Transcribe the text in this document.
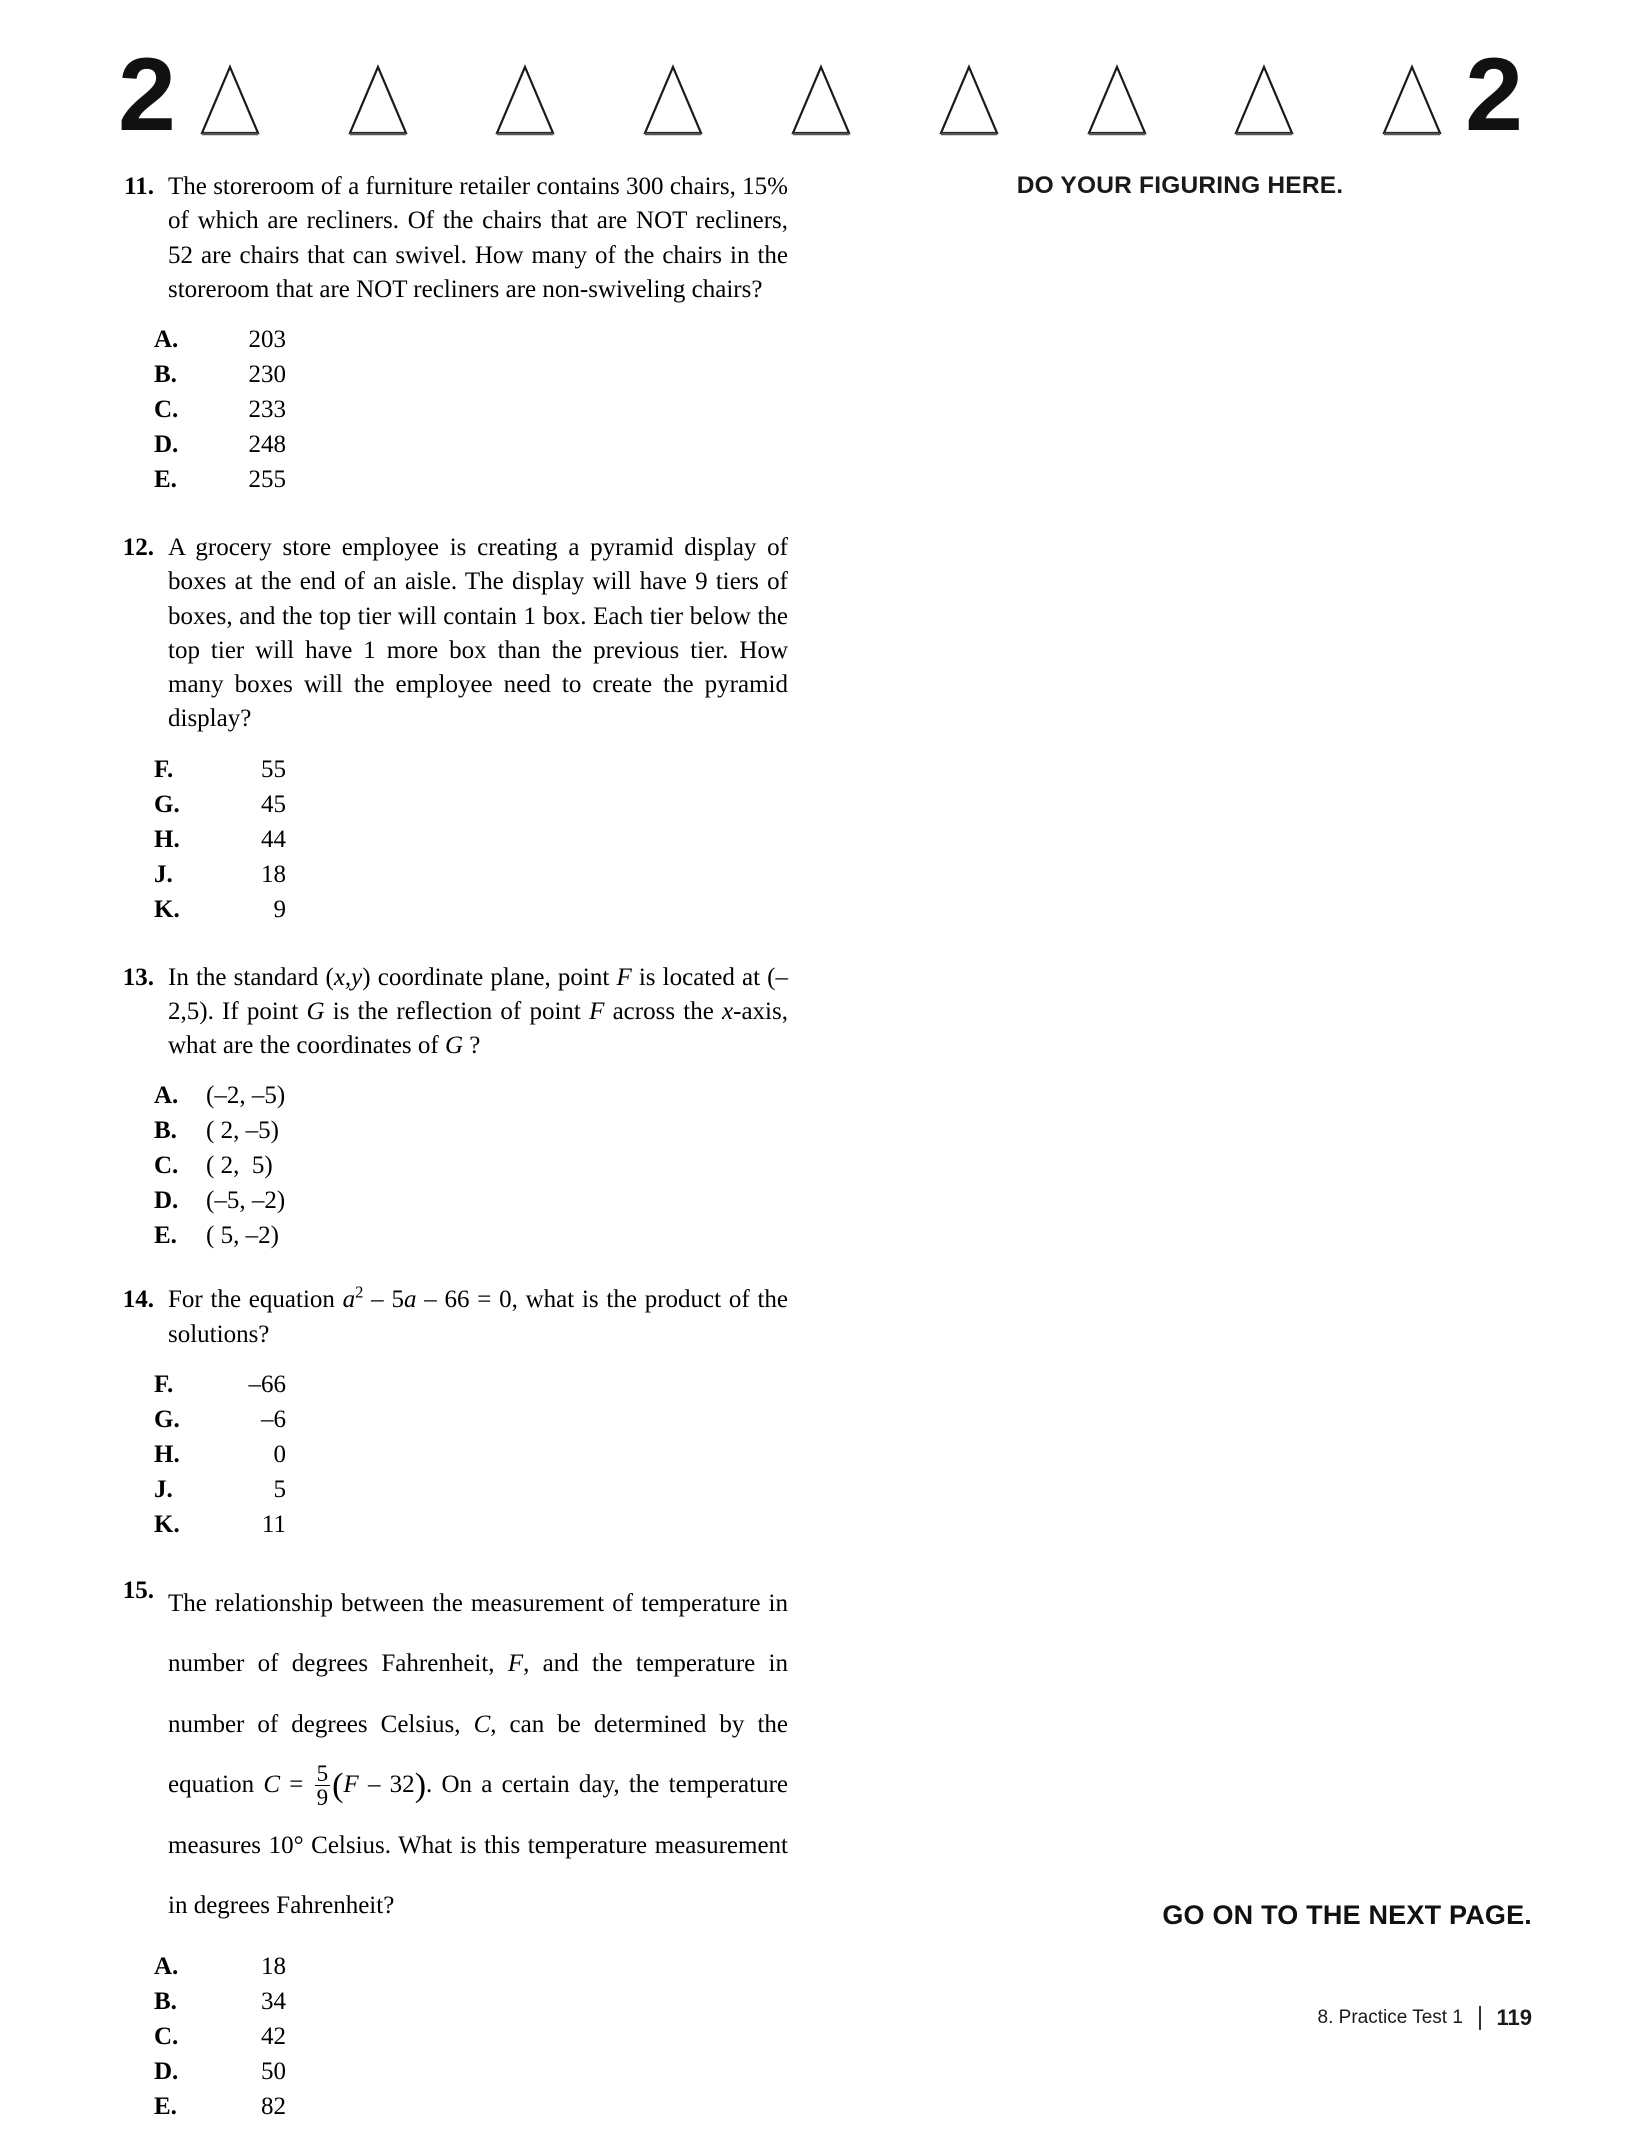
2	2
DO YOUR FIGURING HERE.
11. The storeroom of a furniture retailer contains 300 chairs, 15% of which are recliners. Of the chairs that are NOT recliners, 52 are chairs that can swivel. How many of the chairs in the storeroom that are NOT recliners are non-swiveling chairs?
A.	203
B.	230
C.	233
D.	248
E.	255
12. A grocery store employee is creating a pyramid display of boxes at the end of an aisle. The display will have 9 tiers of boxes, and the top tier will contain 1 box. Each tier below the top tier will have 1 more box than the previous tier. How many boxes will the employee need to create the pyramid display?
F.	55
G.	45
H.	44
J.	18
K.	9
13. In the standard (x,y) coordinate plane, point F is located at (–2,5). If point G is the reflection of point F across the x-axis, what are the coordinates of G ?
A.	(–2, –5)
B.	( 2, –5)
C.	( 2,  5)
D.	(–5, –2)
E.	( 5, –2)
14. For the equation $a^2 - 5a - 66 = 0$, what is the product of the solutions?
F.	–66
G.	–6
H.	0
J.	5
K.	11
15. The relationship between the measurement of temperature in number of degrees Fahrenheit, F, and the temperature in number of degrees Celsius, C, can be determined by the equation $C = \frac{5}{9} (F - 32)$. On a certain day, the temperature measures 10° Celsius. What is this temperature measurement in degrees Fahrenheit?
A.	18
B.	34
C.	42
D.	50
E.	82
GO ON TO THE NEXT PAGE.
8. Practice Test 1	119
